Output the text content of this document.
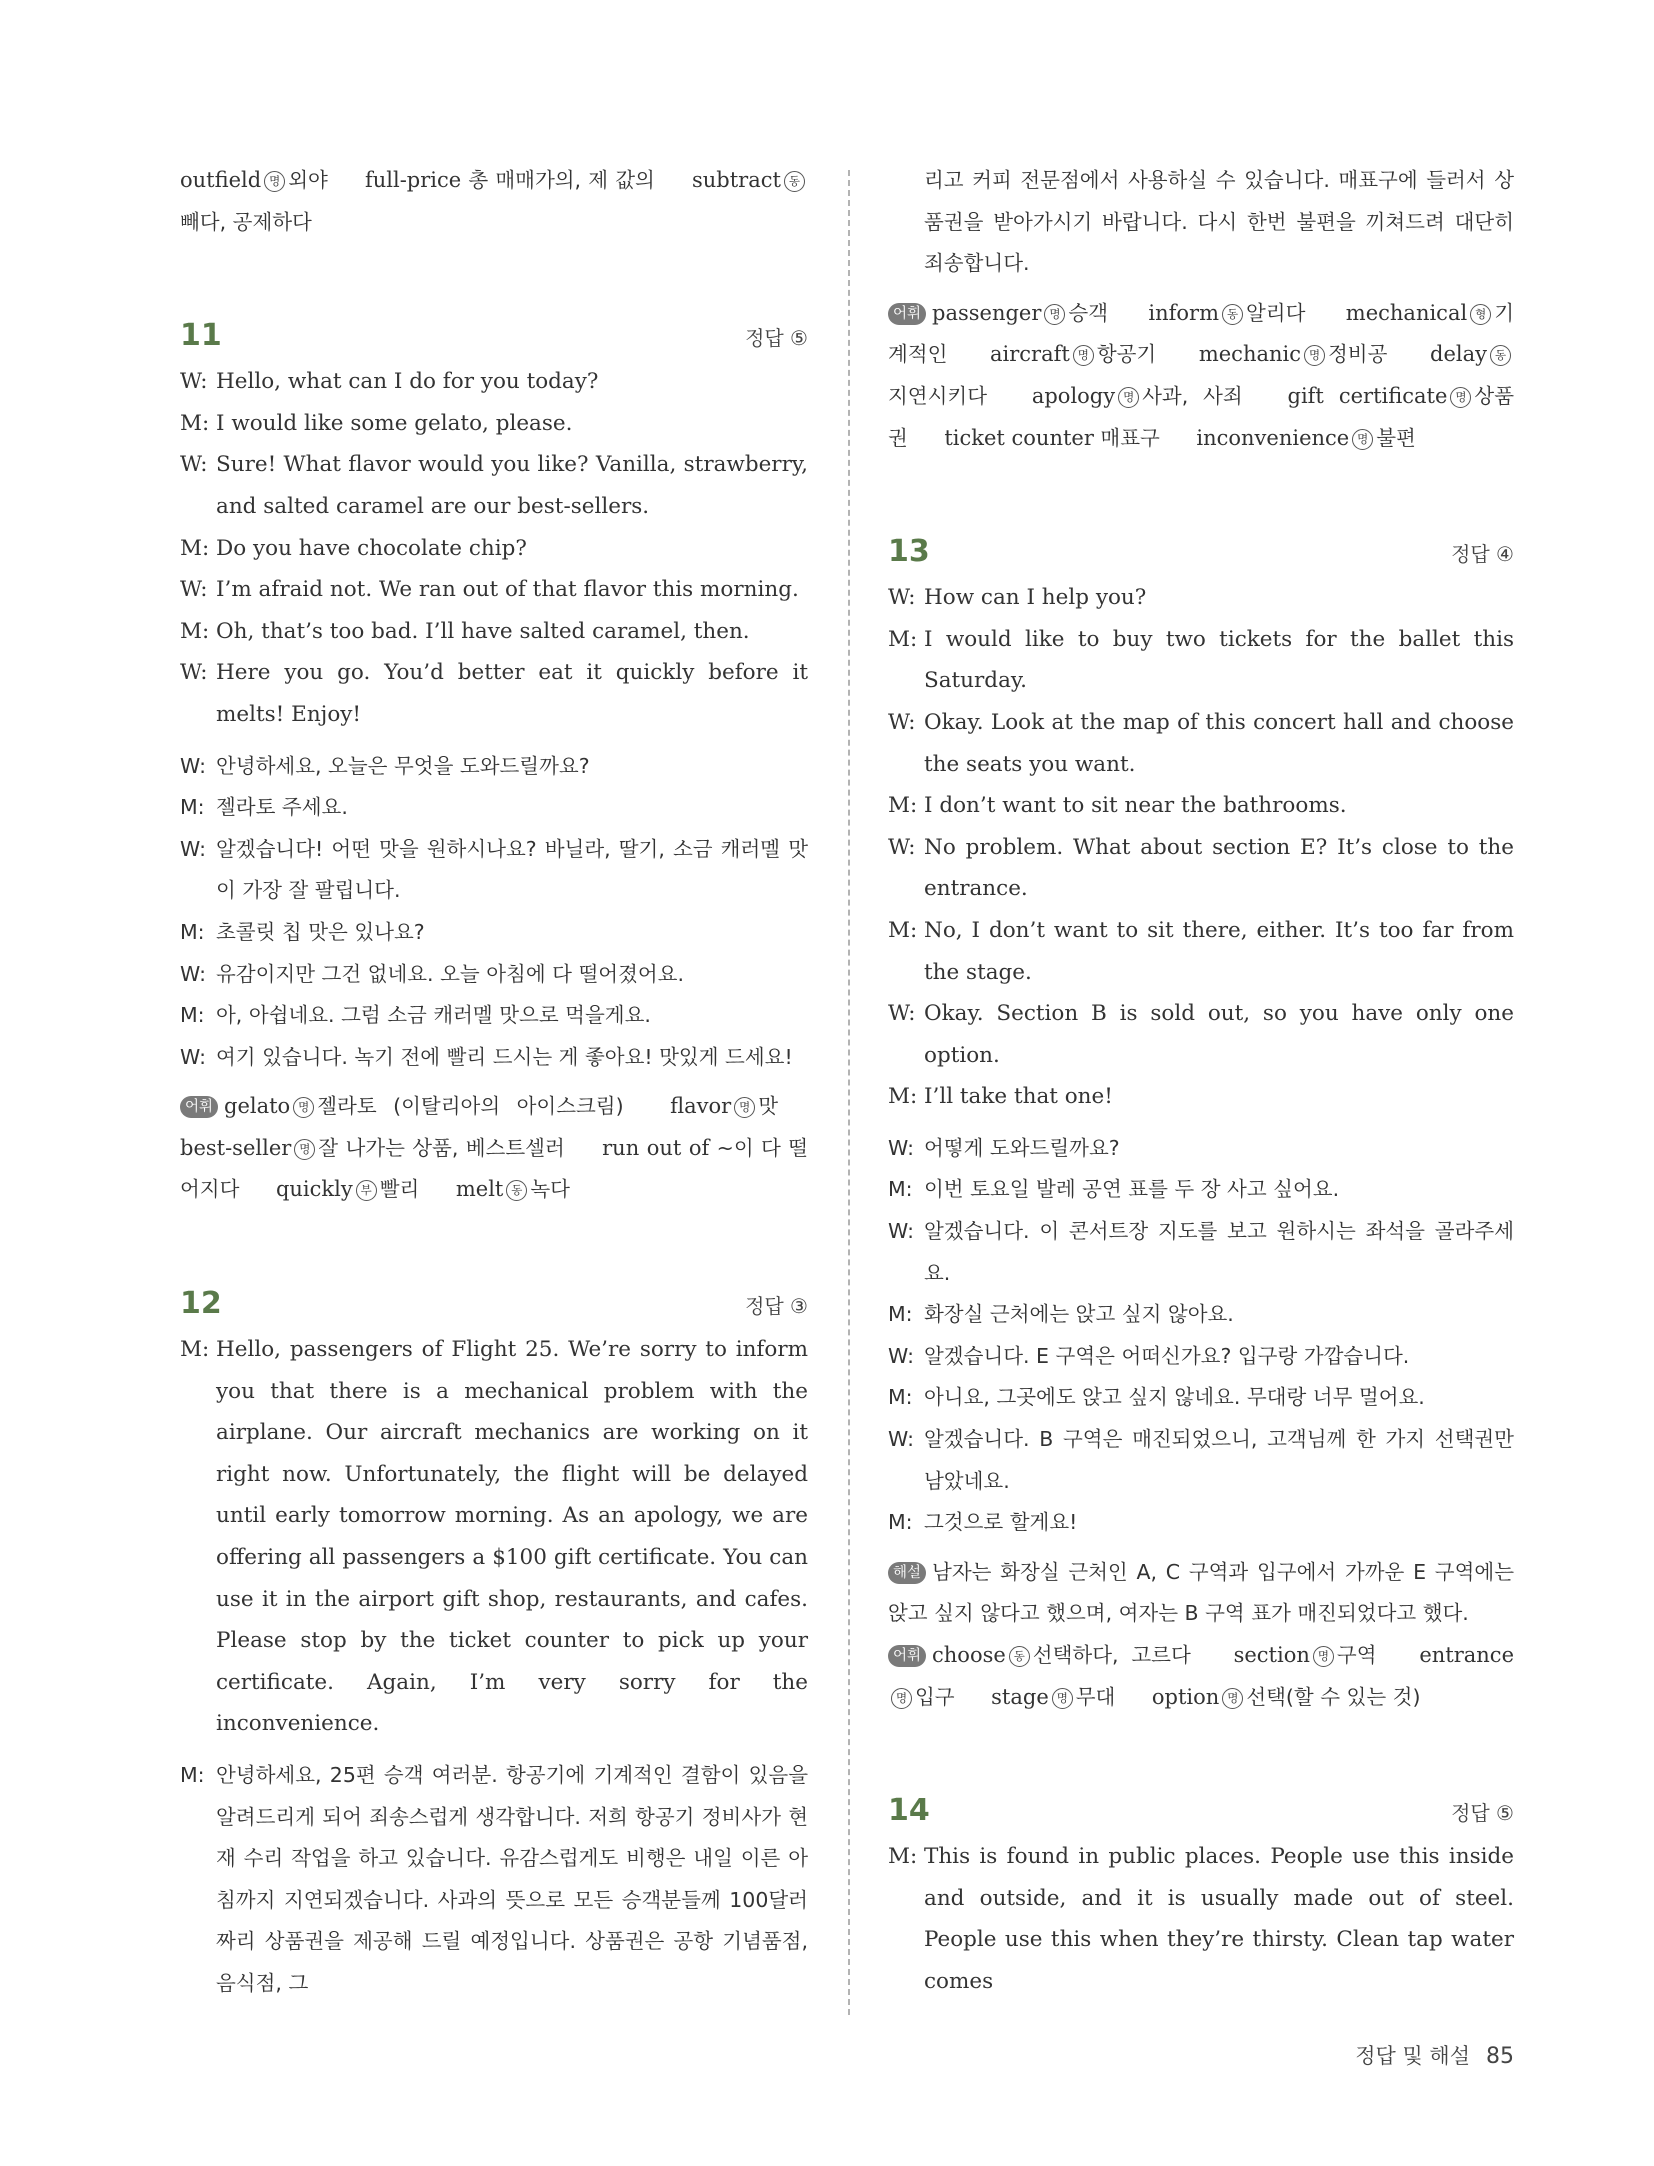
outfield 명 외야 full-price 총 매매가의, 제 값의 subtract 동빼다, 공제하다
11	정답 ⑤
W: Hello, what can I do for you today?
M: I would like some gelato, please.
W: Sure! What flavor would you like? Vanilla, strawberry, and salted caramel are our best-sellers.
M: Do you have chocolate chip?
W: I’m afraid not. We ran out of that flavor this morning.
M: Oh, that’s too bad. I’ll have salted caramel, then.
W: Here you go. You’d better eat it quickly before it melts! Enjoy!
W: 안녕하세요, 오늘은 무엇을 도와드릴까요?
M: 젤라토 주세요.
W: 알겠습니다! 어떤 맛을 원하시나요? 바닐라, 딸기, 소금 캐러멜 맛이 가장 잘 팔립니다.
M: 초콜릿 칩 맛은 있나요?
W: 유감이지만 그건 없네요. 오늘 아침에 다 떨어졌어요.
M: 아, 아쉽네요. 그럼 소금 캐러멜 맛으로 먹을게요.
W: 여기 있습니다. 녹기 전에 빨리 드시는 게 좋아요! 맛있게 드세요!
어휘 gelato 명 젤라토 (이탈리아의 아이스크림) flavor 명 맛 best-seller 명 잘 나가는 상품, 베스트셀러 run out of ~이 다 떨어지다 quickly 부 빨리 melt 동 녹다
12	정답 ③
M: Hello, passengers of Flight 25. We’re sorry to inform you that there is a mechanical problem with the airplane. Our aircraft mechanics are working on it right now. Unfortunately, the flight will be delayed until early tomorrow morning. As an apology, we are offering all passengers a $100 gift certificate. You can use it in the airport gift shop, restaurants, and cafes. Please stop by the ticket counter to pick up your certificate. Again, I’m very sorry for the inconvenience.
M: 안녕하세요, 25편 승객 여러분. 항공기에 기계적인 결함이 있음을 알려드리게 되어 죄송스럽게 생각합니다. 저희 항공기 정비사가 현재 수리 작업을 하고 있습니다. 유감스럽게도 비행은 내일 이른 아침까지 지연되겠습니다. 사과의 뜻으로 모든 승객분들께 100달러짜리 상품권을 제공해 드릴 예정입니다. 상품권은 공항 기념품점, 음식점, 그
리고 커피 전문점에서 사용하실 수 있습니다. 매표구에 들러서 상품권을 받아가시기 바랍니다. 다시 한번 불편을 끼쳐드려 대단히 죄송합니다.
어휘 passenger 명 승객 inform 동 알리다 mechanical 형 기계적인 aircraft 명 항공기 mechanic 명 정비공 delay 동지연시키다 apology 명 사과, 사죄 gift certificate 명 상품권 ticket counter 매표구 inconvenience 명 불편
13	정답 ④
W: How can I help you?
M: I would like to buy two tickets for the ballet this Saturday.
W: Okay. Look at the map of this concert hall and choose the seats you want.
M: I don’t want to sit near the bathrooms.
W: No problem. What about section E? It’s close to the entrance.
M: No, I don’t want to sit there, either. It’s too far from the stage.
W: Okay. Section B is sold out, so you have only one option.
M: I’ll take that one!
W: 어떻게 도와드릴까요?
M: 이번 토요일 발레 공연 표를 두 장 사고 싶어요.
W: 알겠습니다. 이 콘서트장 지도를 보고 원하시는 좌석을 골라주세요.
M: 화장실 근처에는 앉고 싶지 않아요.
W: 알겠습니다. E 구역은 어떠신가요? 입구랑 가깝습니다.
M: 아니요, 그곳에도 앉고 싶지 않네요. 무대랑 너무 멀어요.
W: 알겠습니다. B 구역은 매진되었으니, 고객님께 한 가지 선택권만 남았네요.
M: 그것으로 할게요!
해설 남자는 화장실 근처인 A, C 구역과 입구에서 가까운 E 구역에는 앉고 싶지 않다고 했으며, 여자는 B 구역 표가 매진되었다고 했다.
어휘 choose 동 선택하다, 고르다 section 명 구역 entrance명 입구 stage 명 무대 option 명 선택(할 수 있는 것)
14	정답 ⑤
M: This is found in public places. People use this inside and outside, and it is usually made out of steel. People use this when they’re thirsty. Clean tap water comes
정답 및 해설 85
